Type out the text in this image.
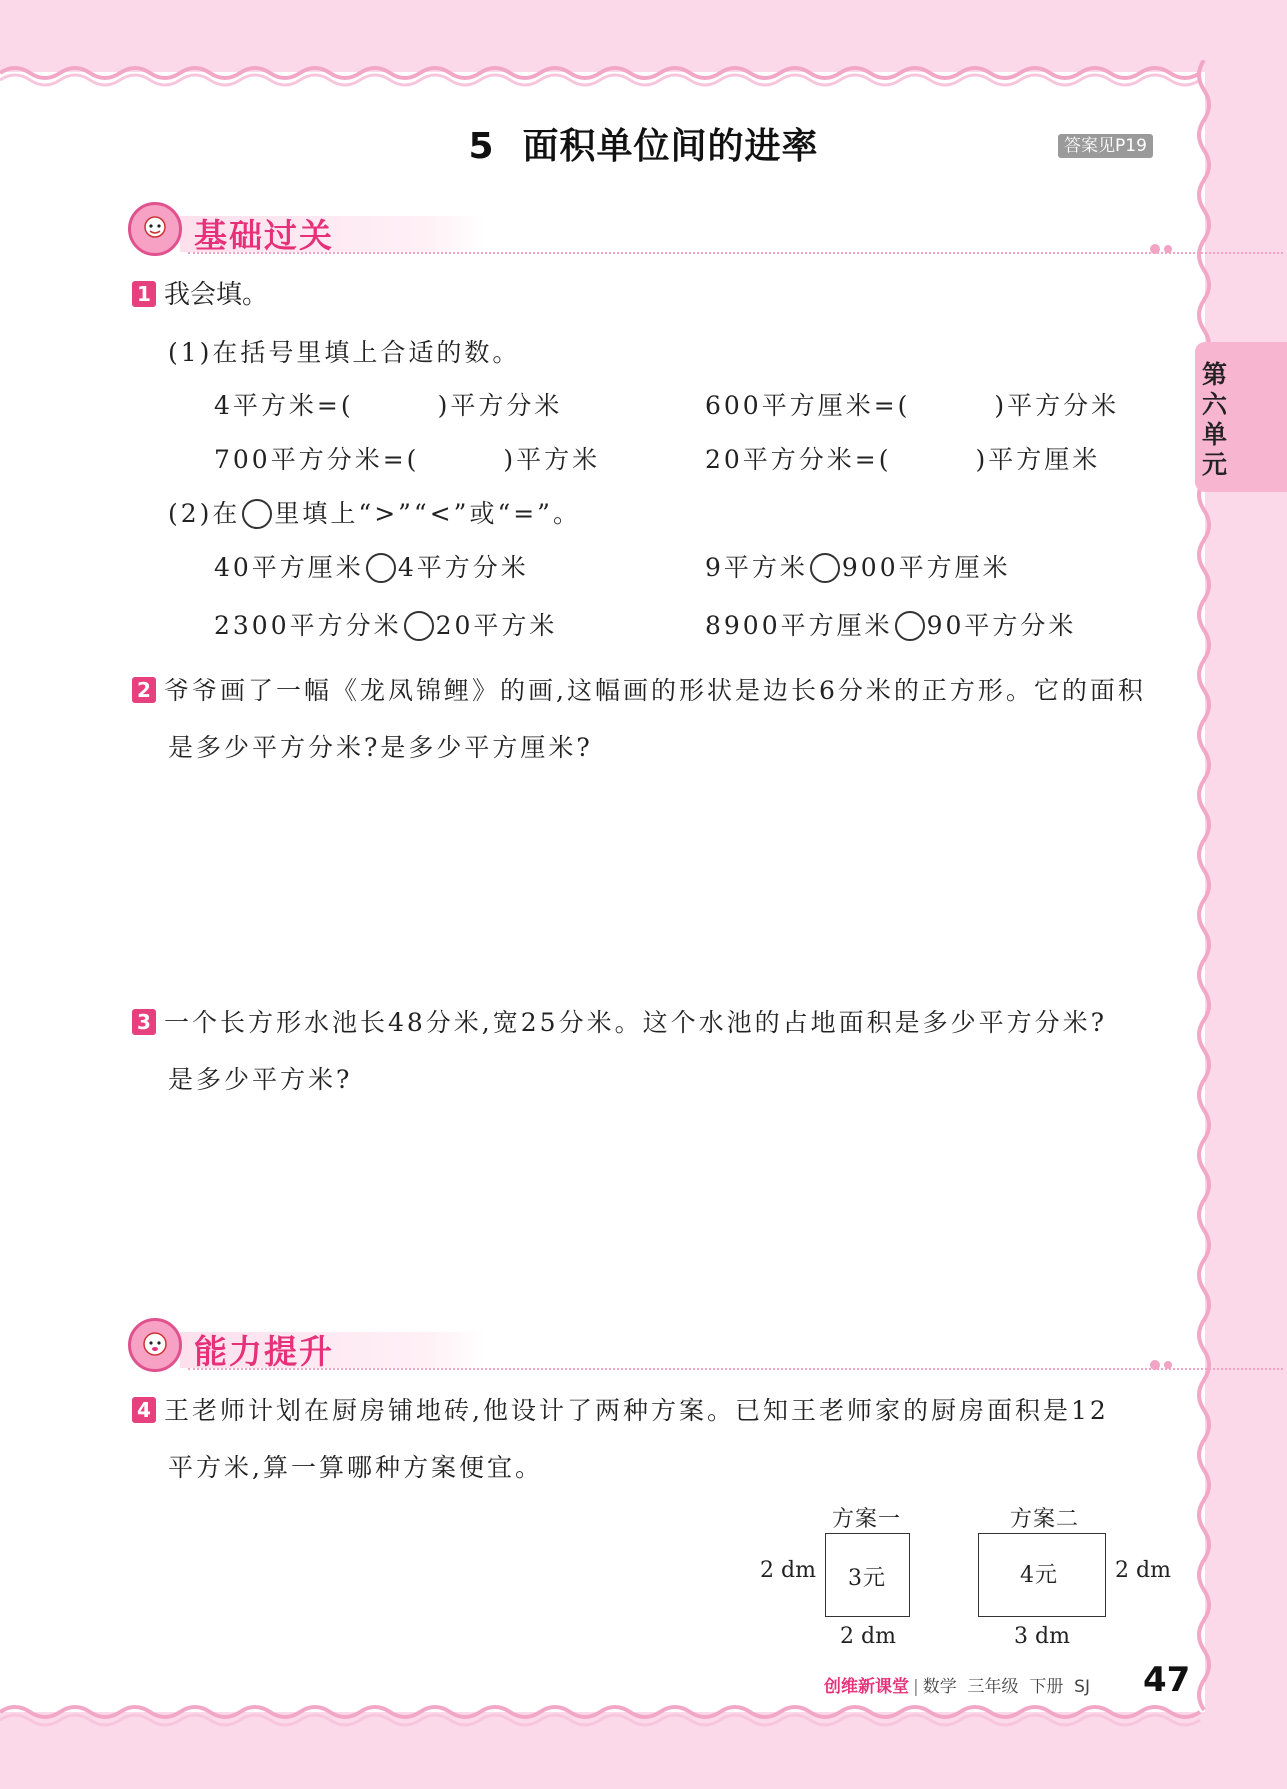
5 面积单位间的进率	答案见P19
第六单元
基础过关
1 我会填。
(1)在括号里填上合适的数。
4平方米=(　　　)平方分米	600平方厘米=(　　　)平方分米
700平方分米=(　　　)平方米	20平方分米=(　　　)平方厘米
(2)在 里填上“>”“<”或“=”。
40平方厘米 4平方分米	9平方米 900平方厘米
2300平方分米 20平方米	8900平方厘米 90平方分米
2 爷爷画了一幅《龙凤锦鲤》的画,这幅画的形状是边长6分米的正方形。它的面积
是多少平方分米?是多少平方厘米?
3 一个长方形水池长48分米,宽25分米。这个水池的占地面积是多少平方分米?
是多少平方米?
能力提升
4 王老师计划在厨房铺地砖,他设计了两种方案。已知王老师家的厨房面积是12
平方米,算一算哪种方案便宜。
方案一
3元
2 dm
2 dm
方案二
4元	2 dm
3 dm
创维新课堂 | 数学  三年级  下册  SJ 47
